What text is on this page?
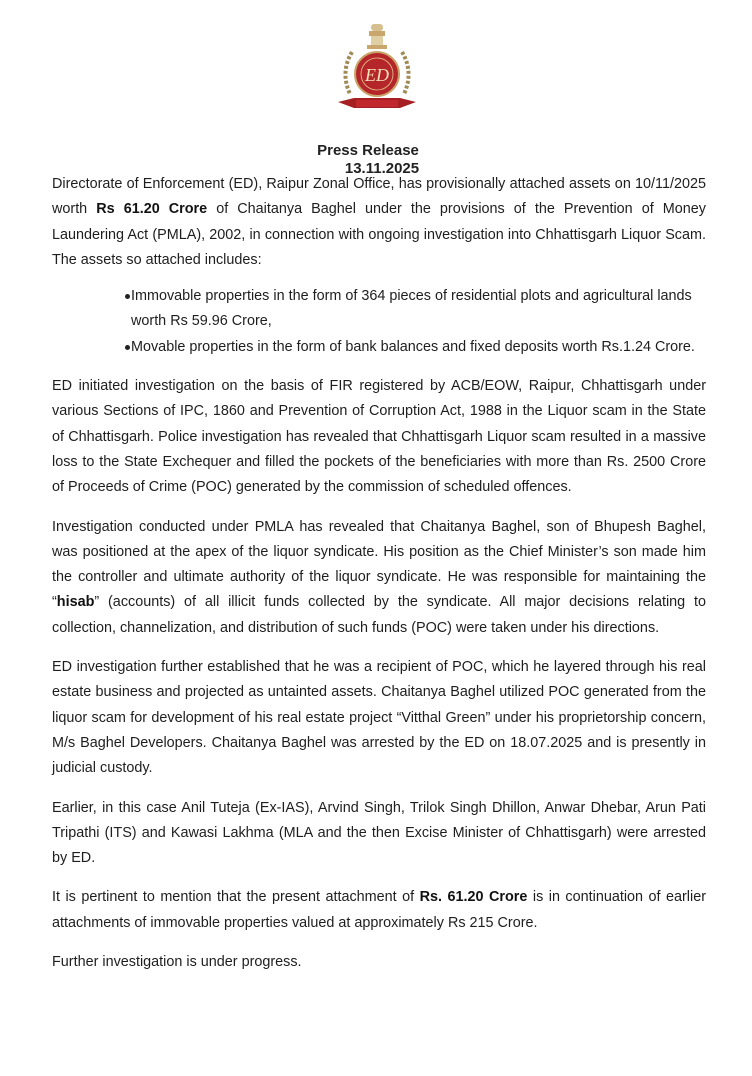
ED
Press Release
13.11.2025

Directorate of Enforcement (ED), Raipur Zonal Office, has provisionally attached assets on 10/11/2025 worth Rs 61.20 Crore of Chaitanya Baghel under the provisions of the Prevention of Money Laundering Act (PMLA), 2002, in connection with ongoing investigation into Chhattisgarh Liquor Scam. The assets so attached includes:

Immovable properties in the form of 364 pieces of residential plots and agricultural lands worth Rs 59.96 Crore,
Movable properties in the form of bank balances and fixed deposits worth Rs.1.24 Crore.

ED initiated investigation on the basis of FIR registered by ACB/EOW, Raipur, Chhattisgarh under various Sections of IPC, 1860 and Prevention of Corruption Act, 1988 in the Liquor scam in the State of Chhattisgarh. Police investigation has revealed that Chhattisgarh Liquor scam resulted in a massive loss to the State Exchequer and filled the pockets of the beneficiaries with more than Rs. 2500 Crore of Proceeds of Crime (POC) generated by the commission of scheduled offences.

Investigation conducted under PMLA has revealed that Chaitanya Baghel, son of Bhupesh Baghel, was positioned at the apex of the liquor syndicate. His position as the Chief Minister’s son made him the controller and ultimate authority of the liquor syndicate. He was responsible for maintaining the “hisab” (accounts) of all illicit funds collected by the syndicate. All major decisions relating to collection, channelization, and distribution of such funds (POC) were taken under his directions.

ED investigation further established that he was a recipient of POC, which he layered through his real estate business and projected as untainted assets. Chaitanya Baghel utilized POC generated from the liquor scam for development of his real estate project “Vitthal Green” under his proprietorship concern, M/s Baghel Developers. Chaitanya Baghel was arrested by the ED on 18.07.2025 and is presently in judicial custody.

Earlier, in this case Anil Tuteja (Ex-IAS), Arvind Singh, Trilok Singh Dhillon, Anwar Dhebar, Arun Pati Tripathi (ITS) and Kawasi Lakhma (MLA and the then Excise Minister of Chhattisgarh) were arrested by ED.

It is pertinent to mention that the present attachment of Rs. 61.20 Crore is in continuation of earlier attachments of immovable properties valued at approximately Rs 215 Crore.

Further investigation is under progress.
